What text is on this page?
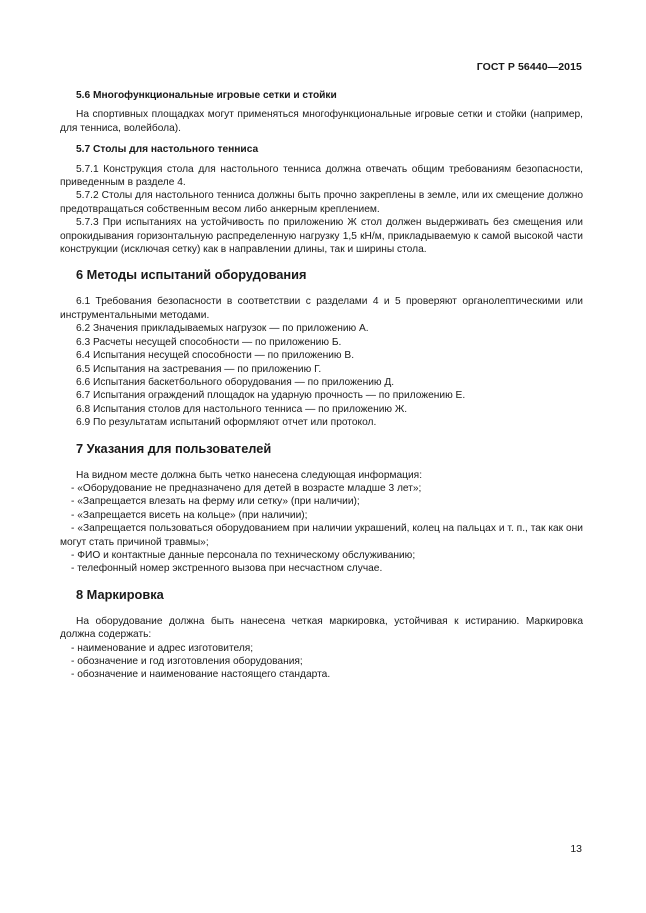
ГОСТ Р 56440—2015

5.6 Многофункциональные игровые сетки и стойки

На спортивных площадках могут применяться многофункциональные игровые сетки и стойки (например, для тенниса, волейбола).

5.7 Столы для настольного тенниса

5.7.1 Конструкция стола для настольного тенниса должна отвечать общим требованиям безопасности, приведенным в разделе 4.

5.7.2 Столы для настольного тенниса должны быть прочно закреплены в земле, или их смещение должно предотвращаться собственным весом либо анкерным креплением.

5.7.3 При испытаниях на устойчивость по приложению Ж стол должен выдерживать без смещения или опрокидывания горизонтальную распределенную нагрузку 1,5 кН/м, прикладываемую к самой высокой части конструкции (исключая сетку) как в направлении длины, так и ширины стола.

6 Методы испытаний оборудования

6.1 Требования безопасности в соответствии с разделами 4 и 5 проверяют органолептическими или инструментальными методами.

6.2 Значения прикладываемых нагрузок — по приложению А.

6.3 Расчеты несущей способности — по приложению Б.

6.4 Испытания несущей способности — по приложению В.

6.5 Испытания на застревания — по приложению Г.

6.6 Испытания баскетбольного оборудования — по приложению Д.

6.7 Испытания ограждений площадок на ударную прочность — по приложению Е.

6.8 Испытания столов для настольного тенниса — по приложению Ж.

6.9 По результатам испытаний оформляют отчет или протокол.

7 Указания для пользователей

На видном месте должна быть четко нанесена следующая информация:

- «Оборудование не предназначено для детей в возрасте младше 3 лет»;

- «Запрещается влезать на ферму или сетку» (при наличии);

- «Запрещается висеть на кольце» (при наличии);

- «Запрещается пользоваться оборудованием при наличии украшений, колец на пальцах и т. п., так как они могут стать причиной травмы»;

- ФИО и контактные данные персонала по техническому обслуживанию;

- телефонный номер экстренного вызова при несчастном случае.

8 Маркировка

На оборудование должна быть нанесена четкая маркировка, устойчивая к истиранию. Маркировка должна содержать:

- наименование и адрес изготовителя;

- обозначение и год изготовления оборудования;

- обозначение и наименование настоящего стандарта.

13
